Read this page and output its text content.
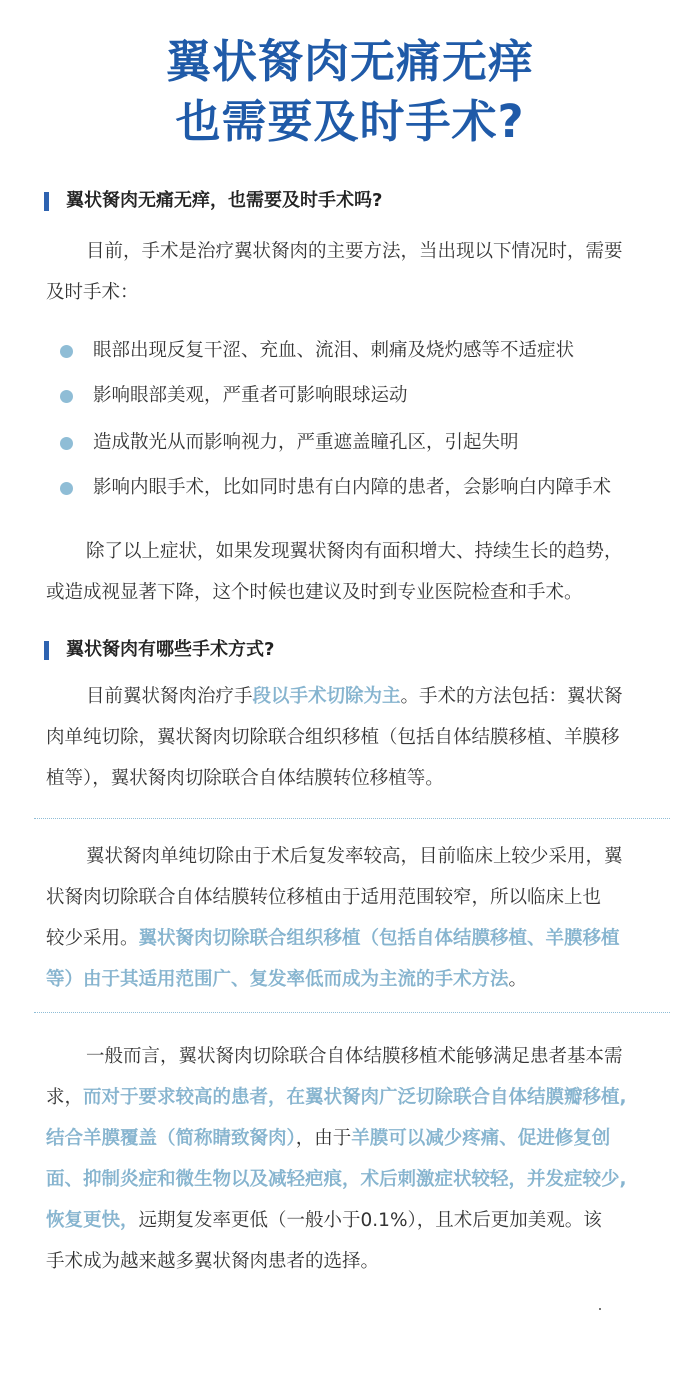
翼状胬肉无痛无痒
也需要及时手术?
翼状胬肉无痛无痒，也需要及时手术吗?
目前，手术是治疗翼状胬肉的主要方法，当出现以下情况时，需要
及时手术：
眼部出现反复干涩、充血、流泪、刺痛及烧灼感等不适症状
影响眼部美观，严重者可影响眼球运动
造成散光从而影响视力，严重遮盖瞳孔区，引起失明
影响内眼手术，比如同时患有白内障的患者，会影响白内障手术
除了以上症状，如果发现翼状胬肉有面积增大、持续生长的趋势，
或造成视显著下降，这个时候也建议及时到专业医院检查和手术。
翼状胬肉有哪些手术方式?
目前翼状胬肉治疗手段以手术切除为主。手术的方法包括：翼状胬
肉单纯切除，翼状胬肉切除联合组织移植（包括自体结膜移植、羊膜移
植等），翼状胬肉切除联合自体结膜转位移植等。
翼状胬肉单纯切除由于术后复发率较高，目前临床上较少采用，翼
状胬肉切除联合自体结膜转位移植由于适用范围较窄，所以临床上也
较少采用。翼状胬肉切除联合组织移植（包括自体结膜移植、羊膜移植
等）由于其适用范围广、复发率低而成为主流的手术方法。
一般而言，翼状胬肉切除联合自体结膜移植术能够满足患者基本需
求，而对于要求较高的患者，在翼状胬肉广泛切除联合自体结膜瓣移植,
结合羊膜覆盖（简称睛致胬肉），由于羊膜可以减少疼痛、促进修复创
面、抑制炎症和微生物以及减轻疤痕，术后刺激症状较轻，并发症较少,
恢复更快，远期复发率更低（一般小于0.1%），且术后更加美观。该
手术成为越来越多翼状胬肉患者的选择。
